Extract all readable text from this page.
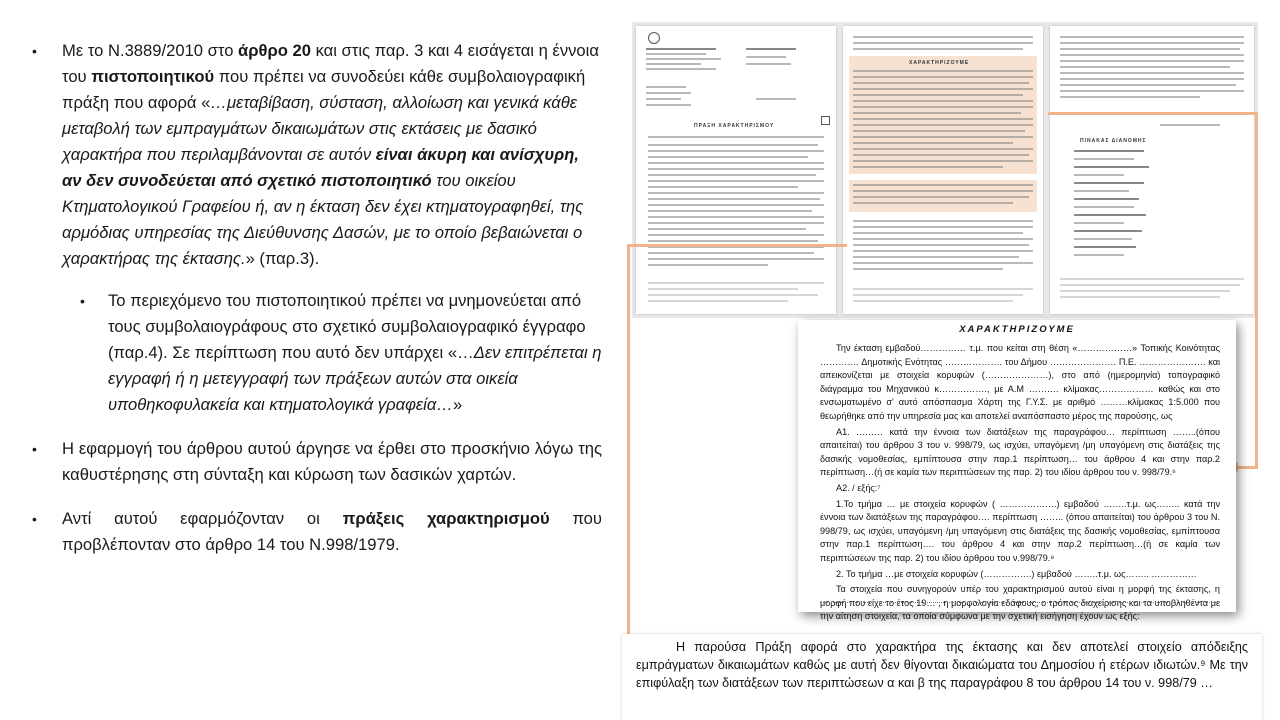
• Με το Ν.3889/2010 στο άρθρο 20 και στις παρ. 3 και 4 εισάγεται η έννοια του πιστοποιητικού που πρέπει να συνοδεύει κάθε συμβολαιογραφική πράξη που αφορά «…μεταβίβαση, σύσταση, αλλοίωση και γενικά κάθε μεταβολή των εμπραγμάτων δικαιωμάτων στις εκτάσεις με δασικό χαρακτήρα που περιλαμβάνονται σε αυτόν είναι άκυρη και ανίσχυρη, αν δεν συνοδεύεται από σχετικό πιστοποιητικό του οικείου Κτηματολογικού Γραφείου ή, αν η έκταση δεν έχει κτηματογραφηθεί, της αρμόδιας υπηρεσίας της Διεύθυνσης Δασών, με το οποίο βεβαιώνεται ο χαρακτήρας της έκτασης.» (παρ.3).
• Το περιεχόμενο του πιστοποιητικού πρέπει να μνημονεύεται από τους συμβολαιογράφους στο σχετικό συμβολαιογραφικό έγγραφο (παρ.4). Σε περίπτωση που αυτό δεν υπάρχει «…Δεν επιτρέπεται η εγγραφή ή η μετεγγραφή των πράξεων αυτών στα οικεία υποθηκοφυλακεία και κτηματολογικά γραφεία…»
• Η εφαρμογή του άρθρου αυτού άργησε να έρθει στο προσκήνιο λόγω της καθυστέρησης στη σύνταξη και κύρωση των δασικών χαρτών.
• Αντί αυτού εφαρμόζονταν οι πράξεις χαρακτηρισμού που προβλέπονταν στο άρθρο 14 του Ν.998/1979.
ΠΡΑΞΗ ΧΑΡΑΚΤΗΡΙΣΜΟΥ
ΧΑΡΑΚΤΗΡΙΖΟΥΜΕ
ΠΙΝΑΚΑΣ ΔΙΑΝΟΜΗΣ
ΧΑΡΑΚΤΗΡΙΖΟΥΜΕ

Την έκταση εμβαδού…………… τ.μ. που κείται στη θέση «………………» Τοπικής Κοινότητας …………. Δημοτικής Ενότητας ………………. του Δήμου …………………. Π.Ε. …………………. και απεικονίζεται με στοιχεία κορυφών (…………………), στο από (ημερομηνία) τοπογραφικό διάγραμμα του Μηχανικού κ……………., με Α.Μ ………. κλίμακας……………… καθώς και στο ενσωματωμένο σ' αυτό απόσπασμα Χάρτη της Γ.Υ.Σ. με αριθμό ………κλίμακας 1:5.000 που θεωρήθηκε από την υπηρεσία μας και αποτελεί αναπόσπαστο μέρος της παρούσης, ως

Α1. ……… κατά την έννοια των διατάξεων της παραγράφου… περίπτωση ……..(όπου απαιτείται) του άρθρου 3 του ν. 998/79, ως ισχύει, υπαγόμενη /μη υπαγόμενη στις διατάξεις της δασικής νομοθεσίας, εμπίπτουσα στην παρ.1 περίπτωση… του άρθρου 4 και στην παρ.2 περίπτωση…(ή σε καμία των περιπτώσεων της παρ. 2) του ιδίου άρθρου του ν. 998/79.⁶

Α2. / εξής:⁷

1.Το τμήμα … με στοιχεία κορυφών ( ……………….) εμβαδού ……..τ.μ. ως…….. κατά την έννοια των διατάξεων της παραγράφου…. περίπτωση …….. (όπου απαιτείται) του άρθρου 3 του Ν. 998/79, ως ισχύει, υπαγόμενη /μη υπαγόμενη στις διατάξεις της δασικής νομοθεσίας, εμπίπτουσα στην παρ.1 περίπτωση…. του άρθρου 4 και στην παρ.2 περίπτωση…(ή σε καμία των περιπτώσεων της παρ. 2) του ιδίου άρθρου του ν.998/79.⁸

2. Το τμήμα …με στοιχεία κορυφών (…………….) εμβαδού ……..τ.μ. ως…….. ……………

Τα στοιχεία που συνηγορούν υπέρ του χαρακτηρισμού αυτού είναι η μορφή της έκτασης, η μορφή που είχε το έτος 19… , η μορφολογία εδάφους, ο τρόπος διαχείρισης και τα υποβληθέντα με την αίτηση στοιχεία, τα οποία σύμφωνα με την σχετική εισήγηση έχουν ως εξής:

Η παρούσα Πράξη αφορά στο χαρακτήρα της έκτασης και δεν αποτελεί στοιχείο απόδειξης εμπράγματων δικαιωμάτων καθώς με αυτή δεν θίγονται δικαιώματα του Δημοσίου ή ετέρων ιδιωτών.⁹ Με την επιφύλαξη των διατάξεων των περιπτώσεων α και β της παραγράφου 8 του άρθρου 14 του ν. 998/79 …
